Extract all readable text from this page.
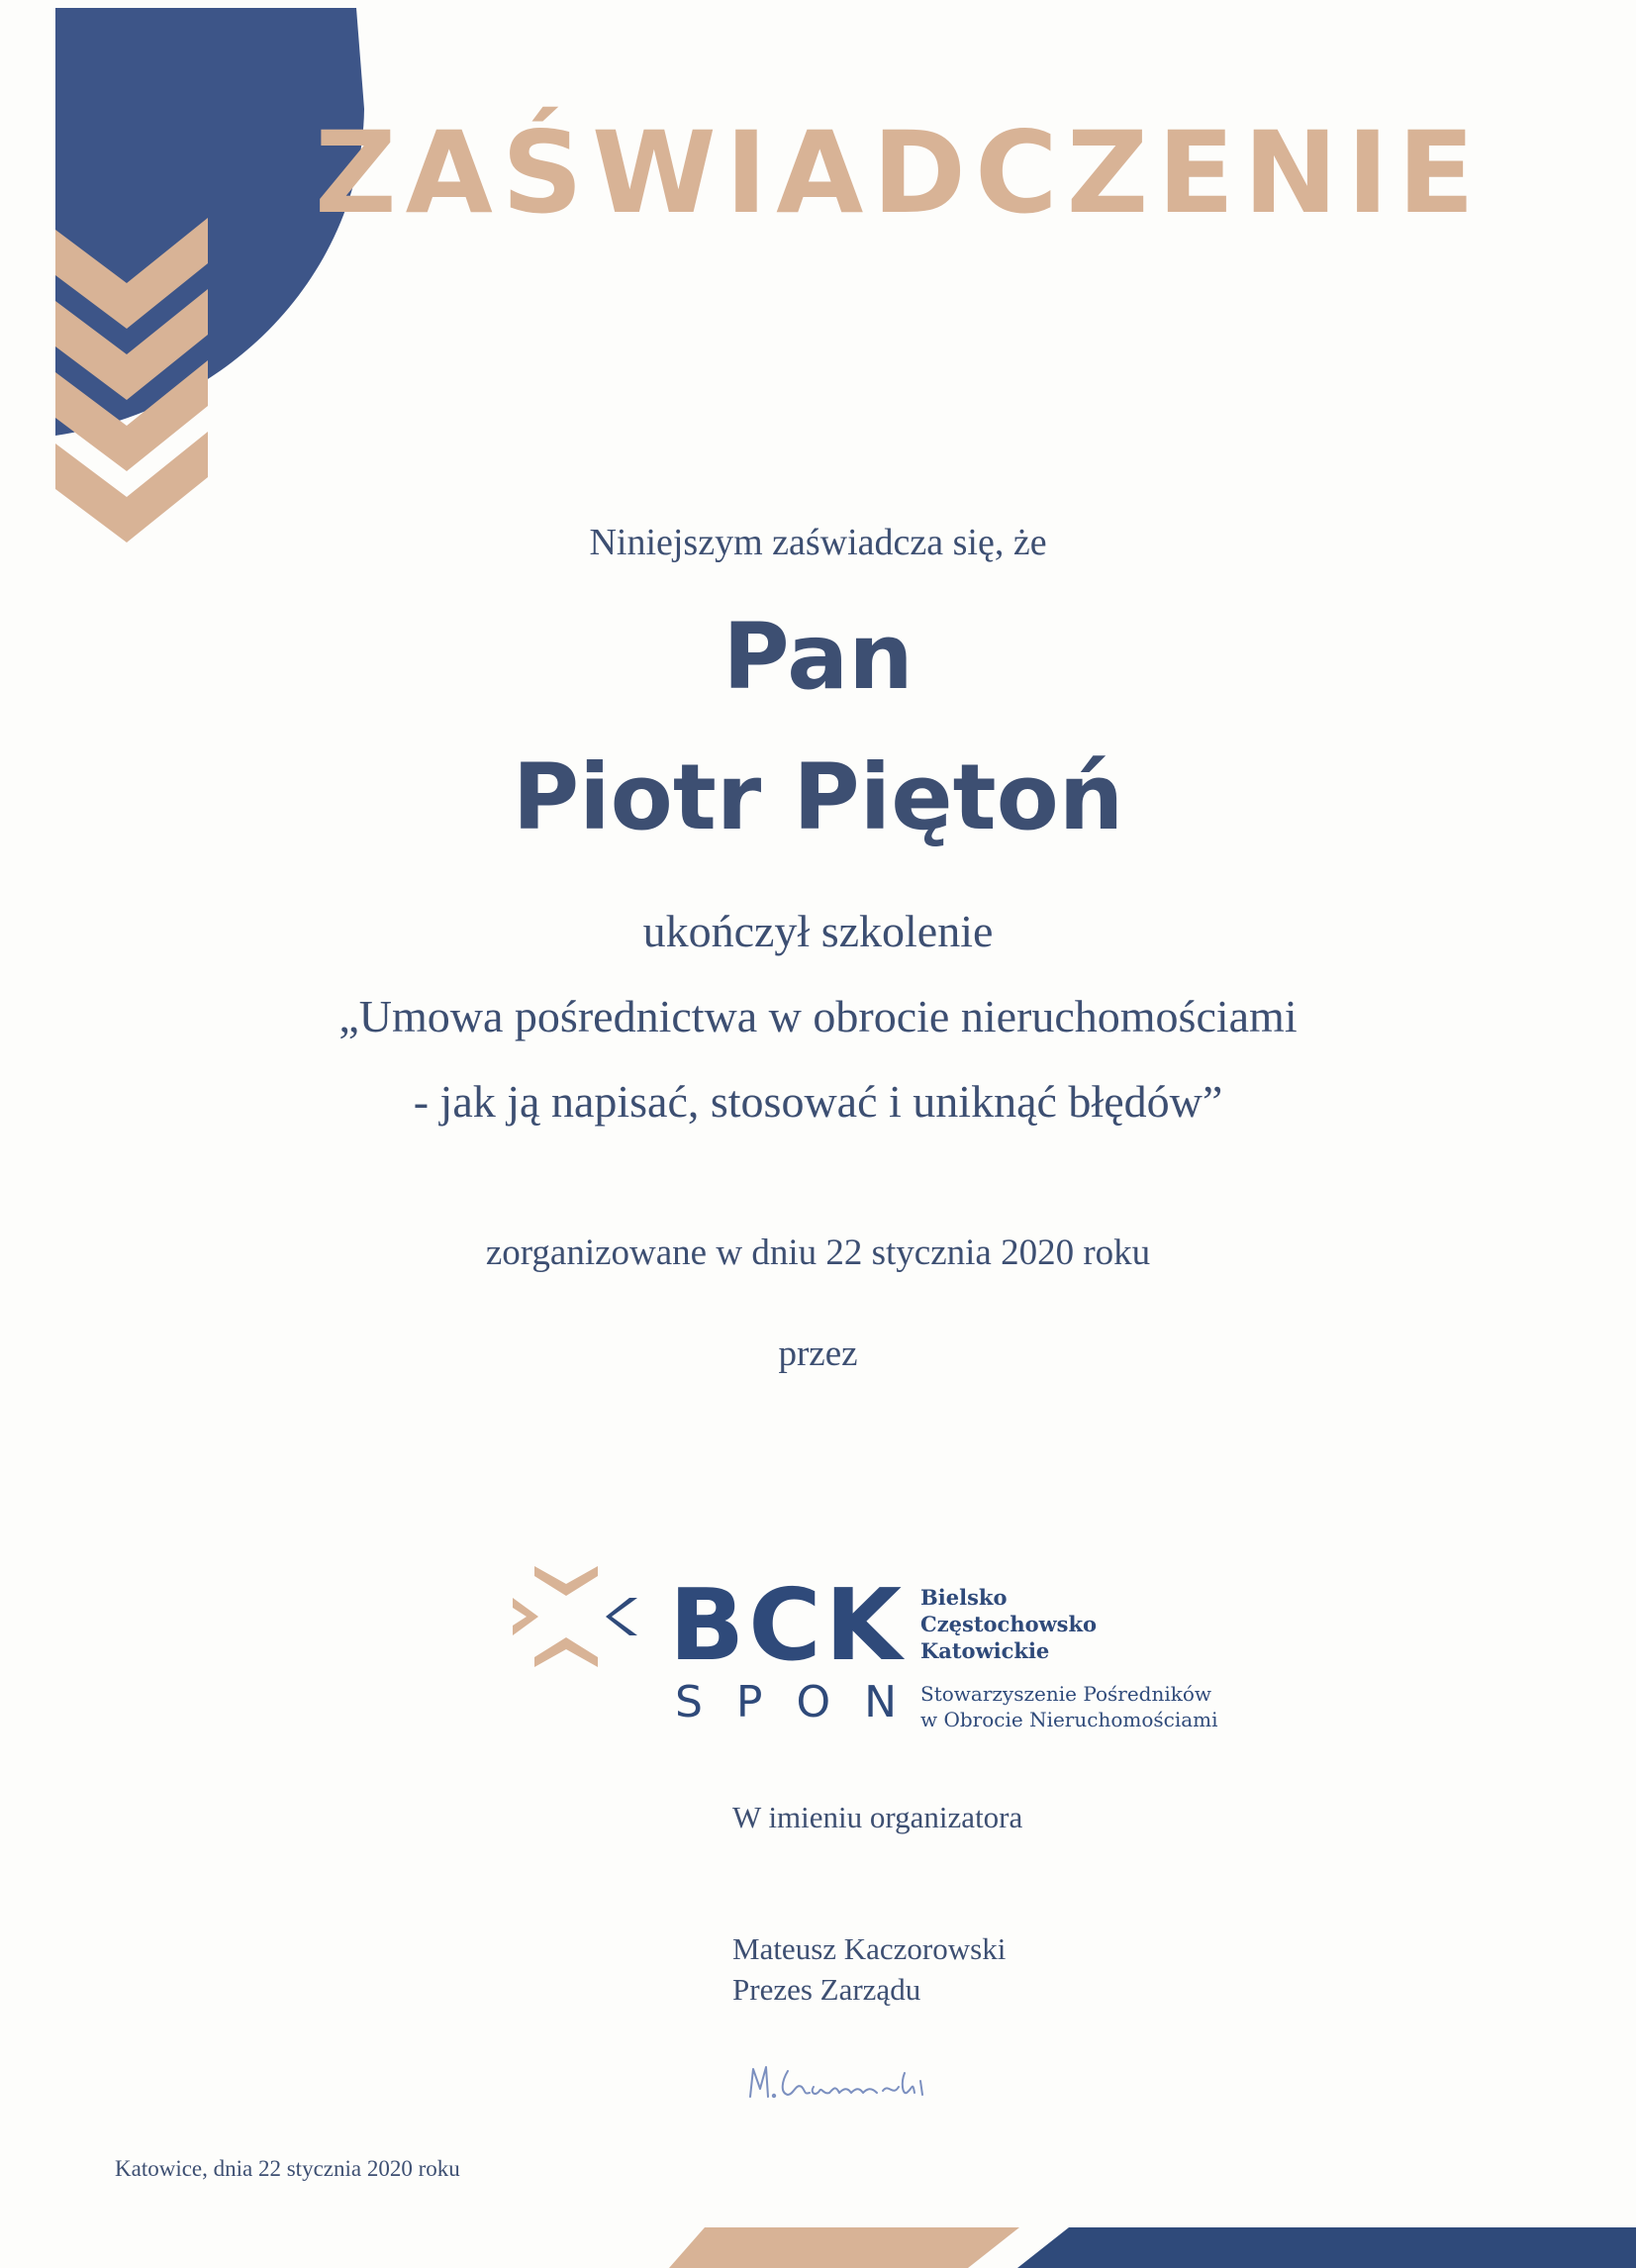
ZAŚWIADCZENIE
Niniejszym zaświadcza się, że
Pan
Piotr Piętoń
ukończył szkolenie
„Umowa pośrednictwa w obrocie nieruchomościami
- jak ją napisać, stosować i uniknąć błędów”
zorganizowane w dniu 22 stycznia 2020 roku
przez
BCK
SPON
Bielsko
Częstochowsko
Katowickie
Stowarzyszenie Pośredników
w Obrocie Nieruchomościami
W imieniu organizatora
Mateusz Kaczorowski
Prezes Zarządu
Katowice, dnia 22 stycznia 2020 roku
